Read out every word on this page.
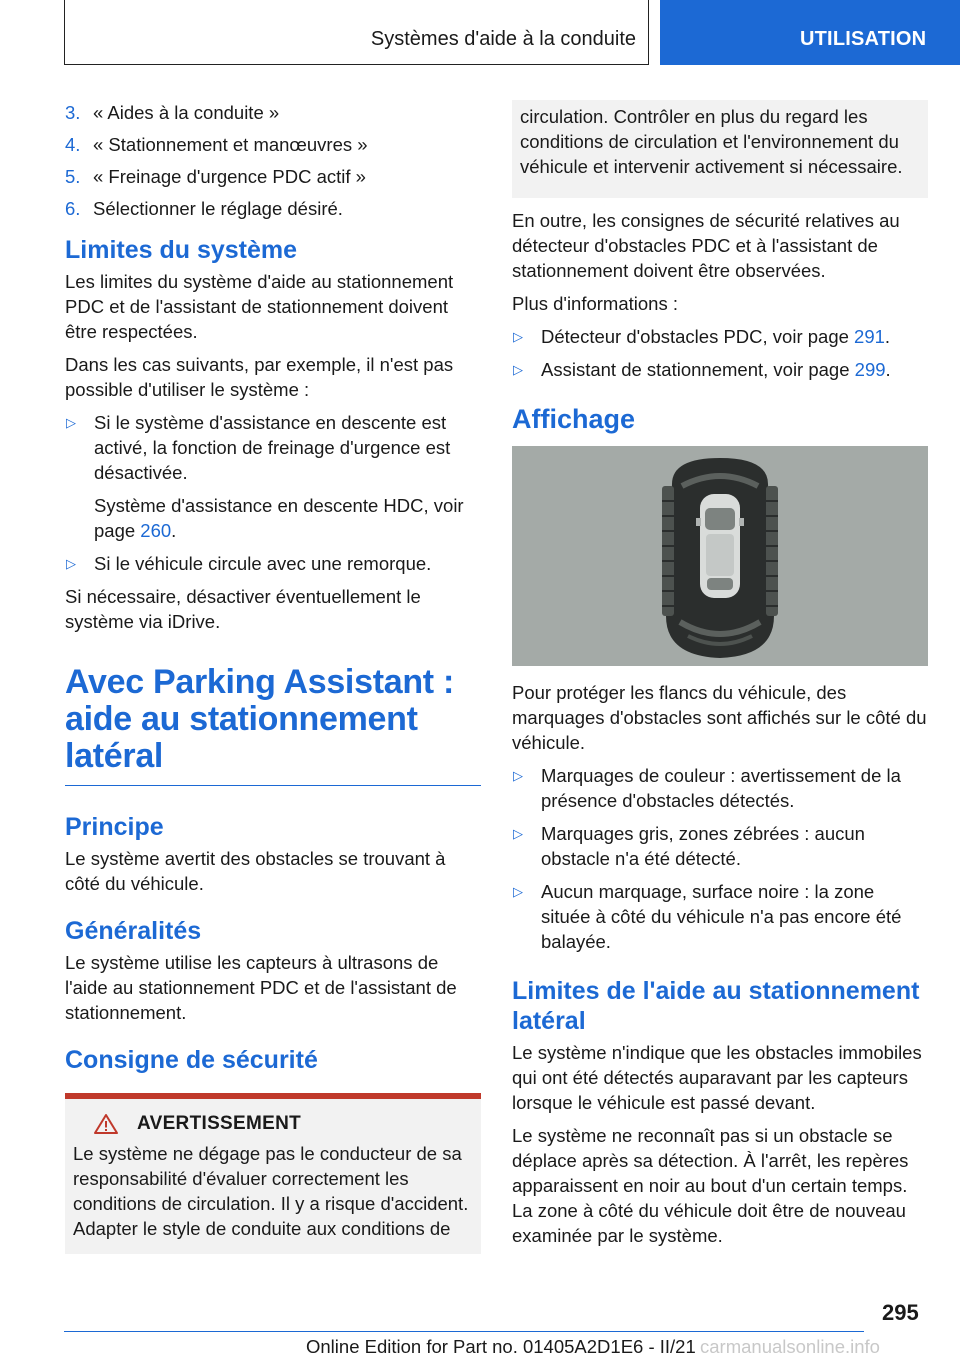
Systèmes d'aide à la conduite	UTILISATION
3. « Aides à la conduite »
4. « Stationnement et manœuvres »
5. « Freinage d'urgence PDC actif »
6. Sélectionner le réglage désiré.
Limites du système
Les limites du système d'aide au stationnement PDC et de l'assistant de stationnement doivent être respectées.
Dans les cas suivants, par exemple, il n'est pas possible d'utiliser le système :
▷ Si le système d'assistance en descente est activé, la fonction de freinage d'urgence est désactivée.
Système d'assistance en descente HDC, voir page 260.
▷ Si le véhicule circule avec une remorque.
Si nécessaire, désactiver éventuellement le système via iDrive.
Avec Parking Assistant : aide au stationnement latéral
Principe
Le système avertit des obstacles se trouvant à côté du véhicule.
Généralités
Le système utilise les capteurs à ultrasons de l'aide au stationnement PDC et de l'assistant de stationnement.
Consigne de sécurité
AVERTISSEMENT
Le système ne dégage pas le conducteur de sa responsabilité d'évaluer correctement les conditions de circulation. Il y a risque d'accident. Adapter le style de conduite aux conditions de
circulation. Contrôler en plus du regard les conditions de circulation et l'environnement du véhicule et intervenir activement si nécessaire.
En outre, les consignes de sécurité relatives au détecteur d'obstacles PDC et à l'assistant de stationnement doivent être observées.
Plus d'informations :
▷ Détecteur d'obstacles PDC, voir page 291.
▷ Assistant de stationnement, voir page 299.
Affichage
Pour protéger les flancs du véhicule, des marquages d'obstacles sont affichés sur le côté du véhicule.
▷ Marquages de couleur : avertissement de la présence d'obstacles détectés.
▷ Marquages gris, zones zébrées : aucun obstacle n'a été détecté.
▷ Aucun marquage, surface noire : la zone située à côté du véhicule n'a pas encore été balayée.
Limites de l'aide au stationnement latéral
Le système n'indique que les obstacles immobiles qui ont été détectés auparavant par les capteurs lorsque le véhicule est passé devant.
Le système ne reconnaît pas si un obstacle se déplace après sa détection. À l'arrêt, les repères apparaissent en noir au bout d'un certain temps. La zone à côté du véhicule doit être de nouveau examinée par le système.
295
Online Edition for Part no. 01405A2D1E6 - II/21 carmanualsonline.info
